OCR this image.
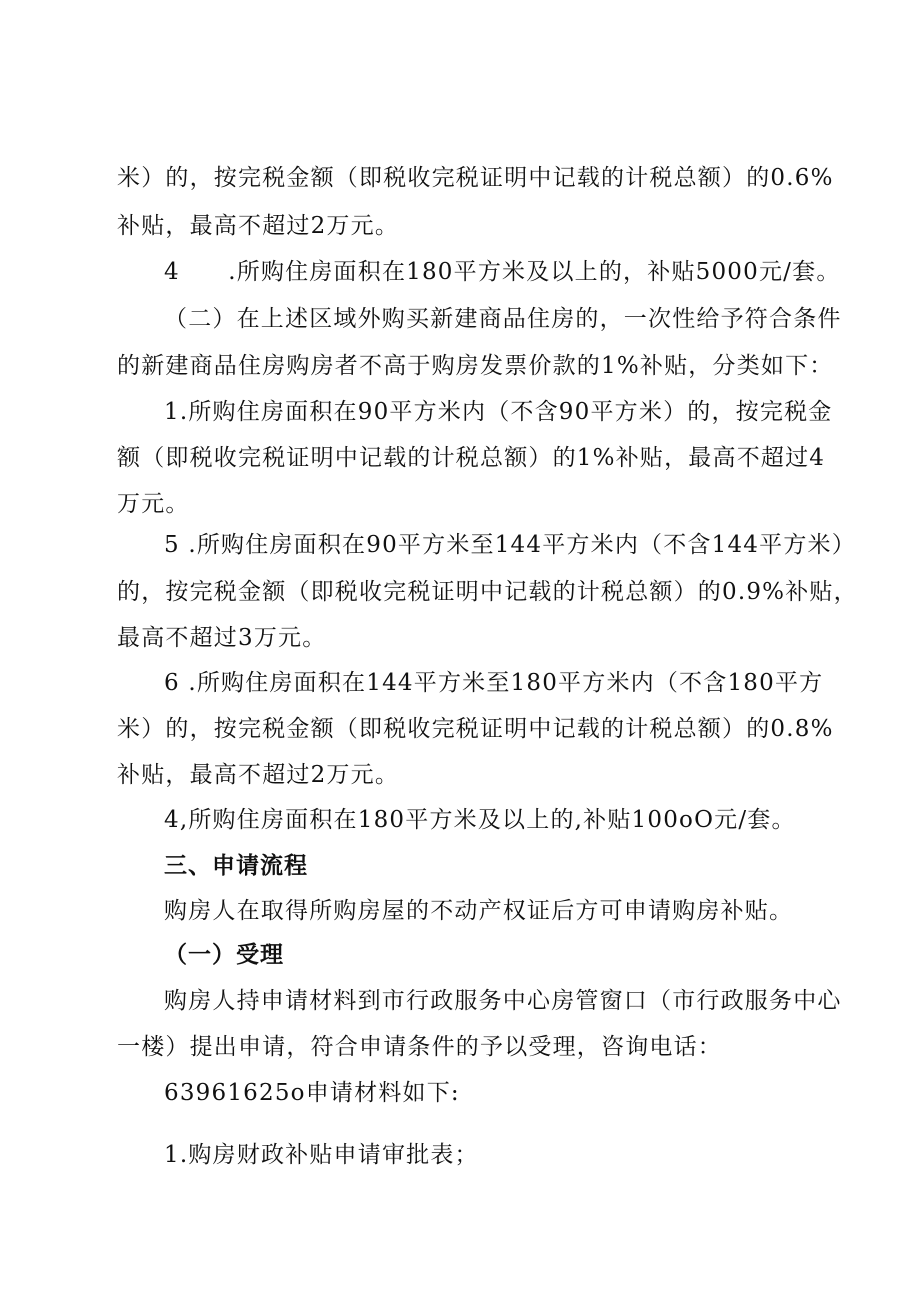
米）的，按完税金额（即税收完税证明中记载的计税总额）的0.6%
补贴，最高不超过2万元。
4　　.所购住房面积在180平方米及以上的，补贴5000元/套。
（二）在上述区域外购买新建商品住房的，一次性给予符合条件
的新建商品住房购房者不高于购房发票价款的1%补贴，分类如下：
1.所购住房面积在90平方米内（不含90平方米）的，按完税金
额（即税收完税证明中记载的计税总额）的1%补贴，最高不超过4
万元。
5 .所购住房面积在90平方米至144平方米内（不含144平方米）
的，按完税金额（即税收完税证明中记载的计税总额）的0.9%补贴，
最高不超过3万元。
6 .所购住房面积在144平方米至180平方米内（不含180平方
米）的，按完税金额（即税收完税证明中记载的计税总额）的0.8%
补贴，最高不超过2万元。
4,所购住房面积在180平方米及以上的,补贴100oO元/套。
三、申请流程
购房人在取得所购房屋的不动产权证后方可申请购房补贴。
（一）受理
购房人持申请材料到市行政服务中心房管窗口（市行政服务中心
一楼）提出申请，符合申请条件的予以受理，咨询电话：
63961625o申请材料如下:
1.购房财政补贴申请审批表；
